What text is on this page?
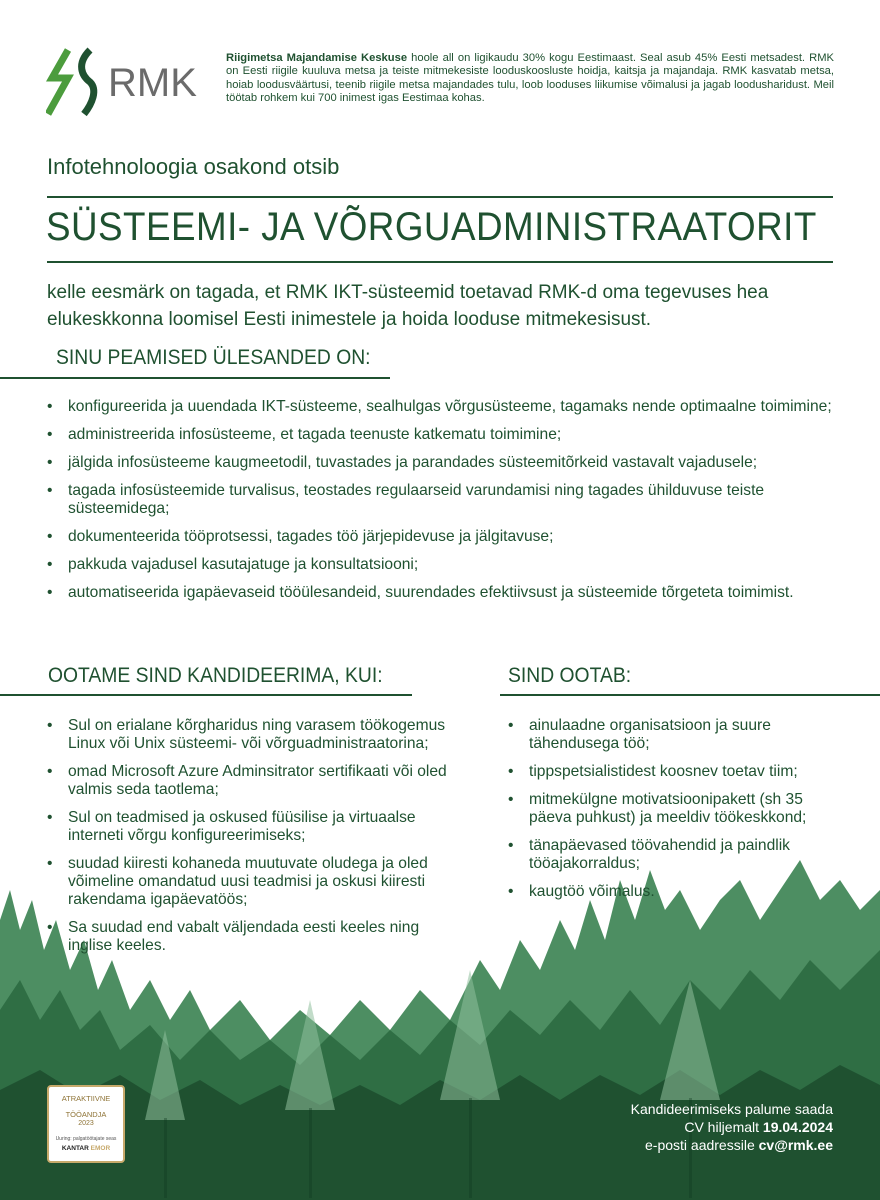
RMK
Riigimetsa Majandamise Keskuse hoole all on ligikaudu 30% kogu Eestimaast. Seal asub 45% Eesti metsadest. RMK on Eesti riigile kuuluva metsa ja teiste mitmekesiste looduskoosluste hoidja, kaitsja ja majandaja. RMK kasvatab metsa, hoiab loodusväärtusi, teenib riigile metsa majandades tulu, loob looduses liikumise võimalusi ja jagab loodusharidust. Meil töötab rohkem kui 700 inimest igas Eestimaa kohas.
Infotehnoloogia osakond otsib
SÜSTEEMI- JA VÕRGUADMINISTRAATORIT
kelle eesmärk on tagada, et RMK IKT-süsteemid toetavad RMK-d oma tegevuses hea elukeskkonna loomisel Eesti inimestele ja hoida looduse mitmekesisust.
SINU PEAMISED ÜLESANDED ON:
• konfigureerida ja uuendada IKT-süsteeme, sealhulgas võrgusüsteeme, tagamaks nende optimaalne toimimine;
• administreerida infosüsteeme, et tagada teenuste katkematu toimimine;
• jälgida infosüsteeme kaugmeetodil, tuvastades ja parandades süsteemitõrkeid vastavalt vajadusele;
• tagada infosüsteemide turvalisus, teostades regulaarseid varundamisi ning tagades ühilduvuse teiste süsteemidega;
• dokumenteerida tööprotsessi, tagades töö järjepidevuse ja jälgitavuse;
• pakkuda vajadusel kasutajatuge ja konsultatsiooni;
• automatiseerida igapäevaseid tööülesandeid, suurendades efektiivsust ja süsteemide tõrgeteta toimimist.
OOTAME SIND KANDIDEERIMA, KUI:	SIND OOTAB:
• Sul on erialane kõrgharidus ning varasem töökogemus Linux või Unix süsteemi- või võrguadministraatorina;
• omad Microsoft Azure Adminsitrator sertifikaati või oled valmis seda taotlema;
• Sul on teadmised ja oskused füüsilise ja virtuaalse interneti võrgu konfigureerimiseks;
• suudad kiiresti kohaneda muutuvate oludega ja oled võimeline omandatud uusi teadmisi ja oskusi kiiresti rakendama igapäevatöös;
• Sa suudad end vabalt väljendada eesti keeles ning inglise keeles.
• ainulaadne organisatsioon ja suure tähendusega töö;
• tippspetsialistidest koosnev toetav tiim;
• mitmekülgne motivatsioonipakett (sh 35 päeva puhkust) ja meeldiv töökeskkond;
• tänapäevased töövahendid ja paindlik tööajakorraldus;
• kaugtöö võimalus.
ATRAKTIIVNE
TÖÖANDJA
2023
Uuring: palgatöötajate seas
KANTAR EMOR
Kandideerimiseks palume saada
CV hiljemalt 19.04.2024
e-posti aadressile cv@rmk.ee
